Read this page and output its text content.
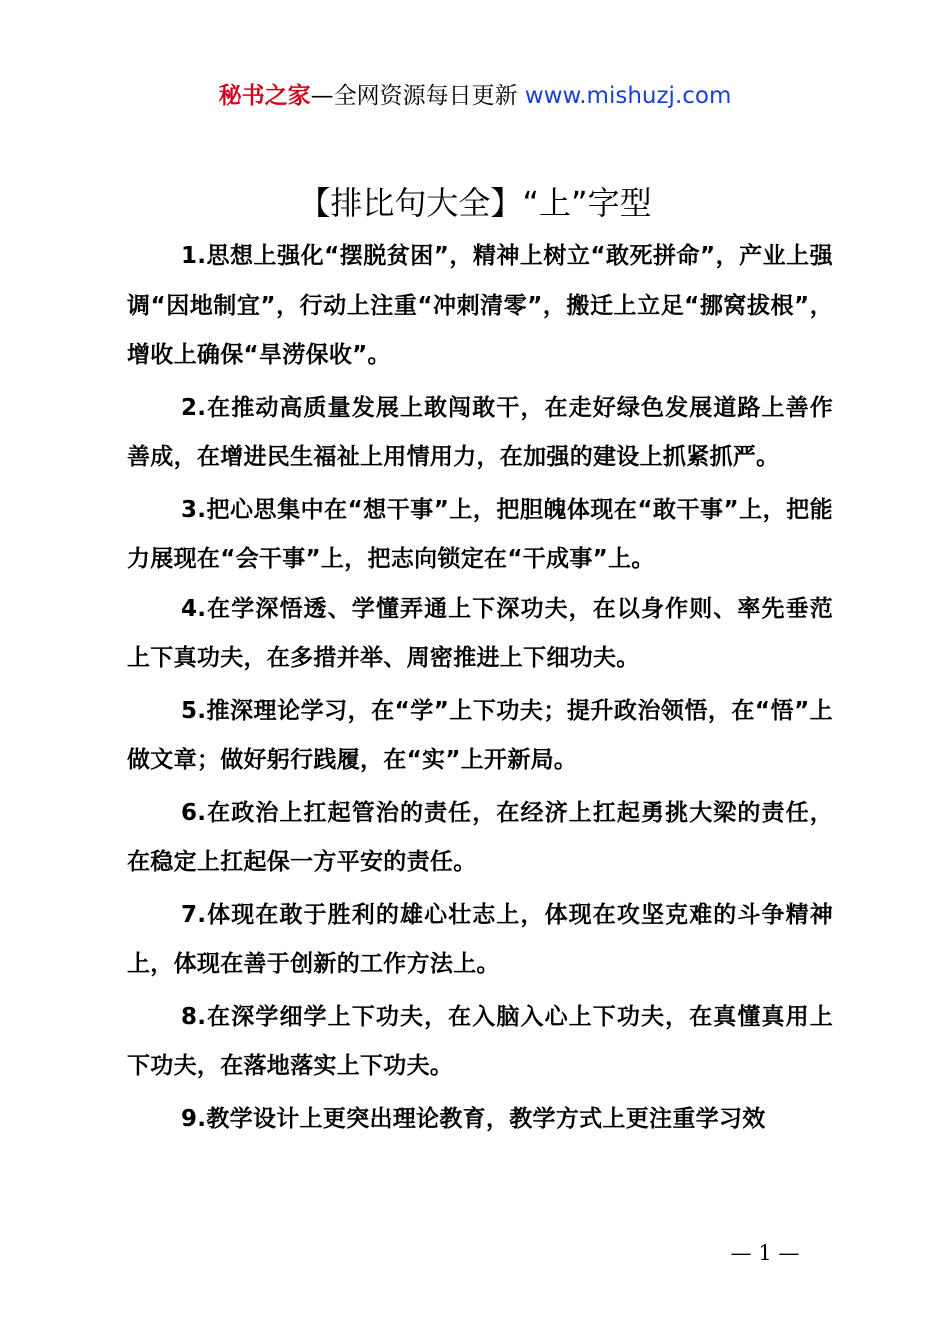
秘书之家—全网资源每日更新 www.mishuzj.com
【排比句大全】“上”字型

1.思想上强化“摆脱贫困”，精神上树立“敢死拼命”，产业上强调“因地制宜”，行动上注重“冲刺清零”，搬迁上立足“挪窝拔根”，增收上确保“旱涝保收”。

2.在推动高质量发展上敢闯敢干，在走好绿色发展道路上善作善成，在增进民生福祉上用情用力，在加强的建设上抓紧抓严。

3.把心思集中在“想干事”上，把胆魄体现在“敢干事”上，把能力展现在“会干事”上，把志向锁定在“干成事”上。

4.在学深悟透、学懂弄通上下深功夫，在以身作则、率先垂范上下真功夫，在多措并举、周密推进上下细功夫。

5.推深理论学习，在“学”上下功夫；提升政治领悟，在“悟”上做文章；做好躬行践履，在“实”上开新局。

6.在政治上扛起管治的责任，在经济上扛起勇挑大梁的责任，在稳定上扛起保一方平安的责任。

7.体现在敢于胜利的雄心壮志上，体现在攻坚克难的斗争精神上，体现在善于创新的工作方法上。

8.在深学细学上下功夫，在入脑入心上下功夫，在真懂真用上下功夫，在落地落实上下功夫。

9.教学设计上更突出理论教育，教学方式上更注重学习效

— 1 —
